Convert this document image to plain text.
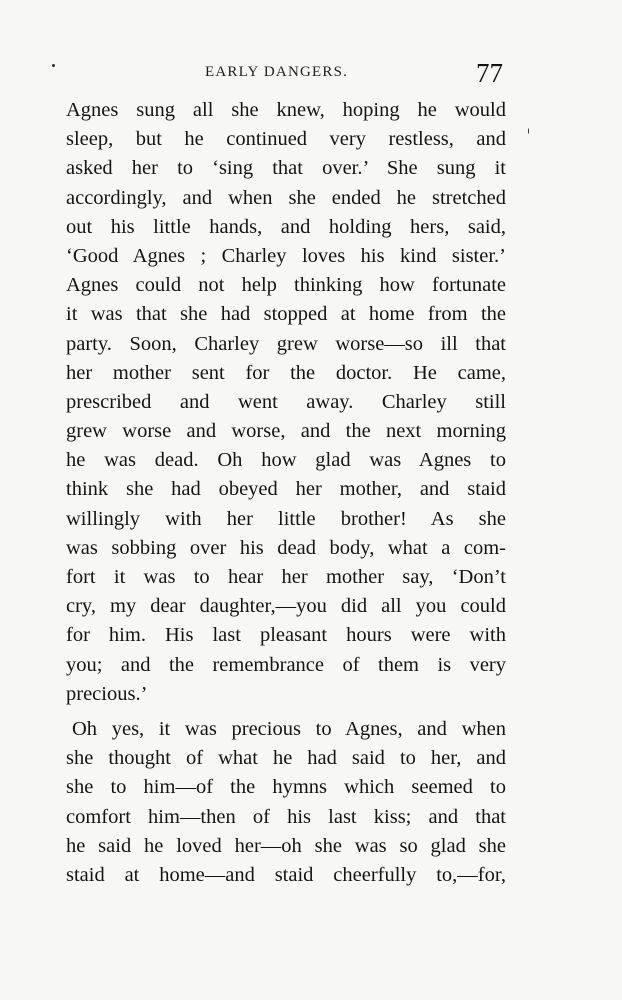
EARLY DANGERS.	77
Agnes sung all she knew, hoping he would
sleep, but he continued very restless, and
asked her to ‘sing that over.’ She sung it
accordingly, and when she ended he stretched
out his little hands, and holding hers, said,
‘Good Agnes ; Charley loves his kind sister.’
Agnes could not help thinking how fortunate
it was that she had stopped at home from the
party. Soon, Charley grew worse—so ill that
her mother sent for the doctor. He came,
prescribed and went away. Charley still
grew worse and worse, and the next morning
he was dead. Oh how glad was Agnes to
think she had obeyed her mother, and staid
willingly with her little brother! As she
was sobbing over his dead body, what a com-
fort it was to hear her mother say, ‘Don’t
cry, my dear daughter,—you did all you could
for him. His last pleasant hours were with
you; and the remembrance of them is very
precious.’
Oh yes, it was precious to Agnes, and when
she thought of what he had said to her, and
she to him—of the hymns which seemed to
comfort him—then of his last kiss; and that
he said he loved her—oh she was so glad she
staid at home—and staid cheerfully to,—for,
